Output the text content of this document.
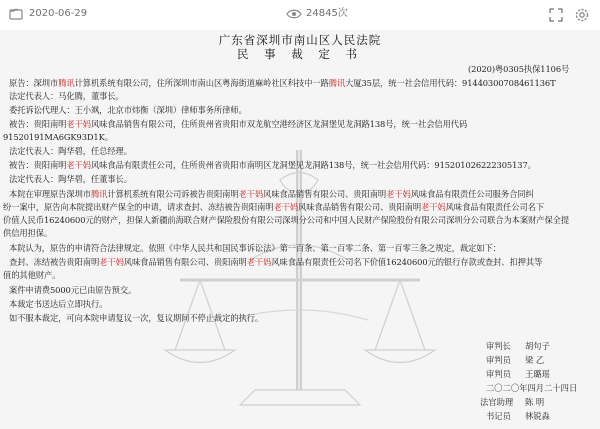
2020-06-29	24845次
广东省深圳市南山区人民法院
民 事 裁 定 书
(2020)粤0305执保1106号
原告：深圳市腾讯计算机系统有限公司，住所深圳市南山区粤海街道麻岭社区科技中一路腾讯大厦35层，统一社会信用代码：91440300708461136T
法定代表人：马化腾，董事长。
委托诉讼代理人：王小飒，北京市炜衡（深圳）律师事务所律师。
被告：贵阳南明老干妈风味食品销售有限公司，住所贵州省贵阳市双龙航空港经济区龙洞堡见龙洞路138号，统一社会信用代码
91520191MA6GK93D1K。
法定代表人：陶华碧，任总经理。
被告：贵阳南明老干妈风味食品有限责任公司，住所贵州省贵阳市南明区龙洞堡见龙洞路138号，统一社会信用代码：915201026222305137。
法定代表人：陶华碧，任董事长。
本院在审理原告深圳市腾讯计算机系统有限公司诉被告贵阳南明老干妈风味食品销售有限公司、贵阳南明老干妈风味食品有限责任公司服务合同纠
纷一案中，原告向本院提出财产保全的申请，请求查封、冻结被告贵阳南明老干妈风味食品销售有限公司、贵阳南明老干妈风味食品有限责任公司名下
价值人民币16240600元的财产，担保人新疆前海联合财产保险股份有限公司深圳分公司和中国人民财产保险股份有限公司深圳分公司联合为本案财产保全提
供信用担保。
本院认为，原告的申请符合法律规定。依照《中华人民共和国民事诉讼法》第一百条、第一百零二条、第一百零三条之规定，裁定如下：
查封、冻结被告贵阳南明老干妈风味食品销售有限公司、贵阳南明老干妈风味食品有限责任公司名下价值16240600元的银行存款或查封、扣押其等
值的其他财产。
案件申请费5000元已由原告预交。
本裁定书送达后立即执行。
如不服本裁定，可向本院申请复议一次，复议期间不停止裁定的执行。
审判长 胡句子
审判员 梁 乙
审判员 王璐瑶
二〇二〇年四月二十四日
法官助理 陈 明
书记员 林锐淼
